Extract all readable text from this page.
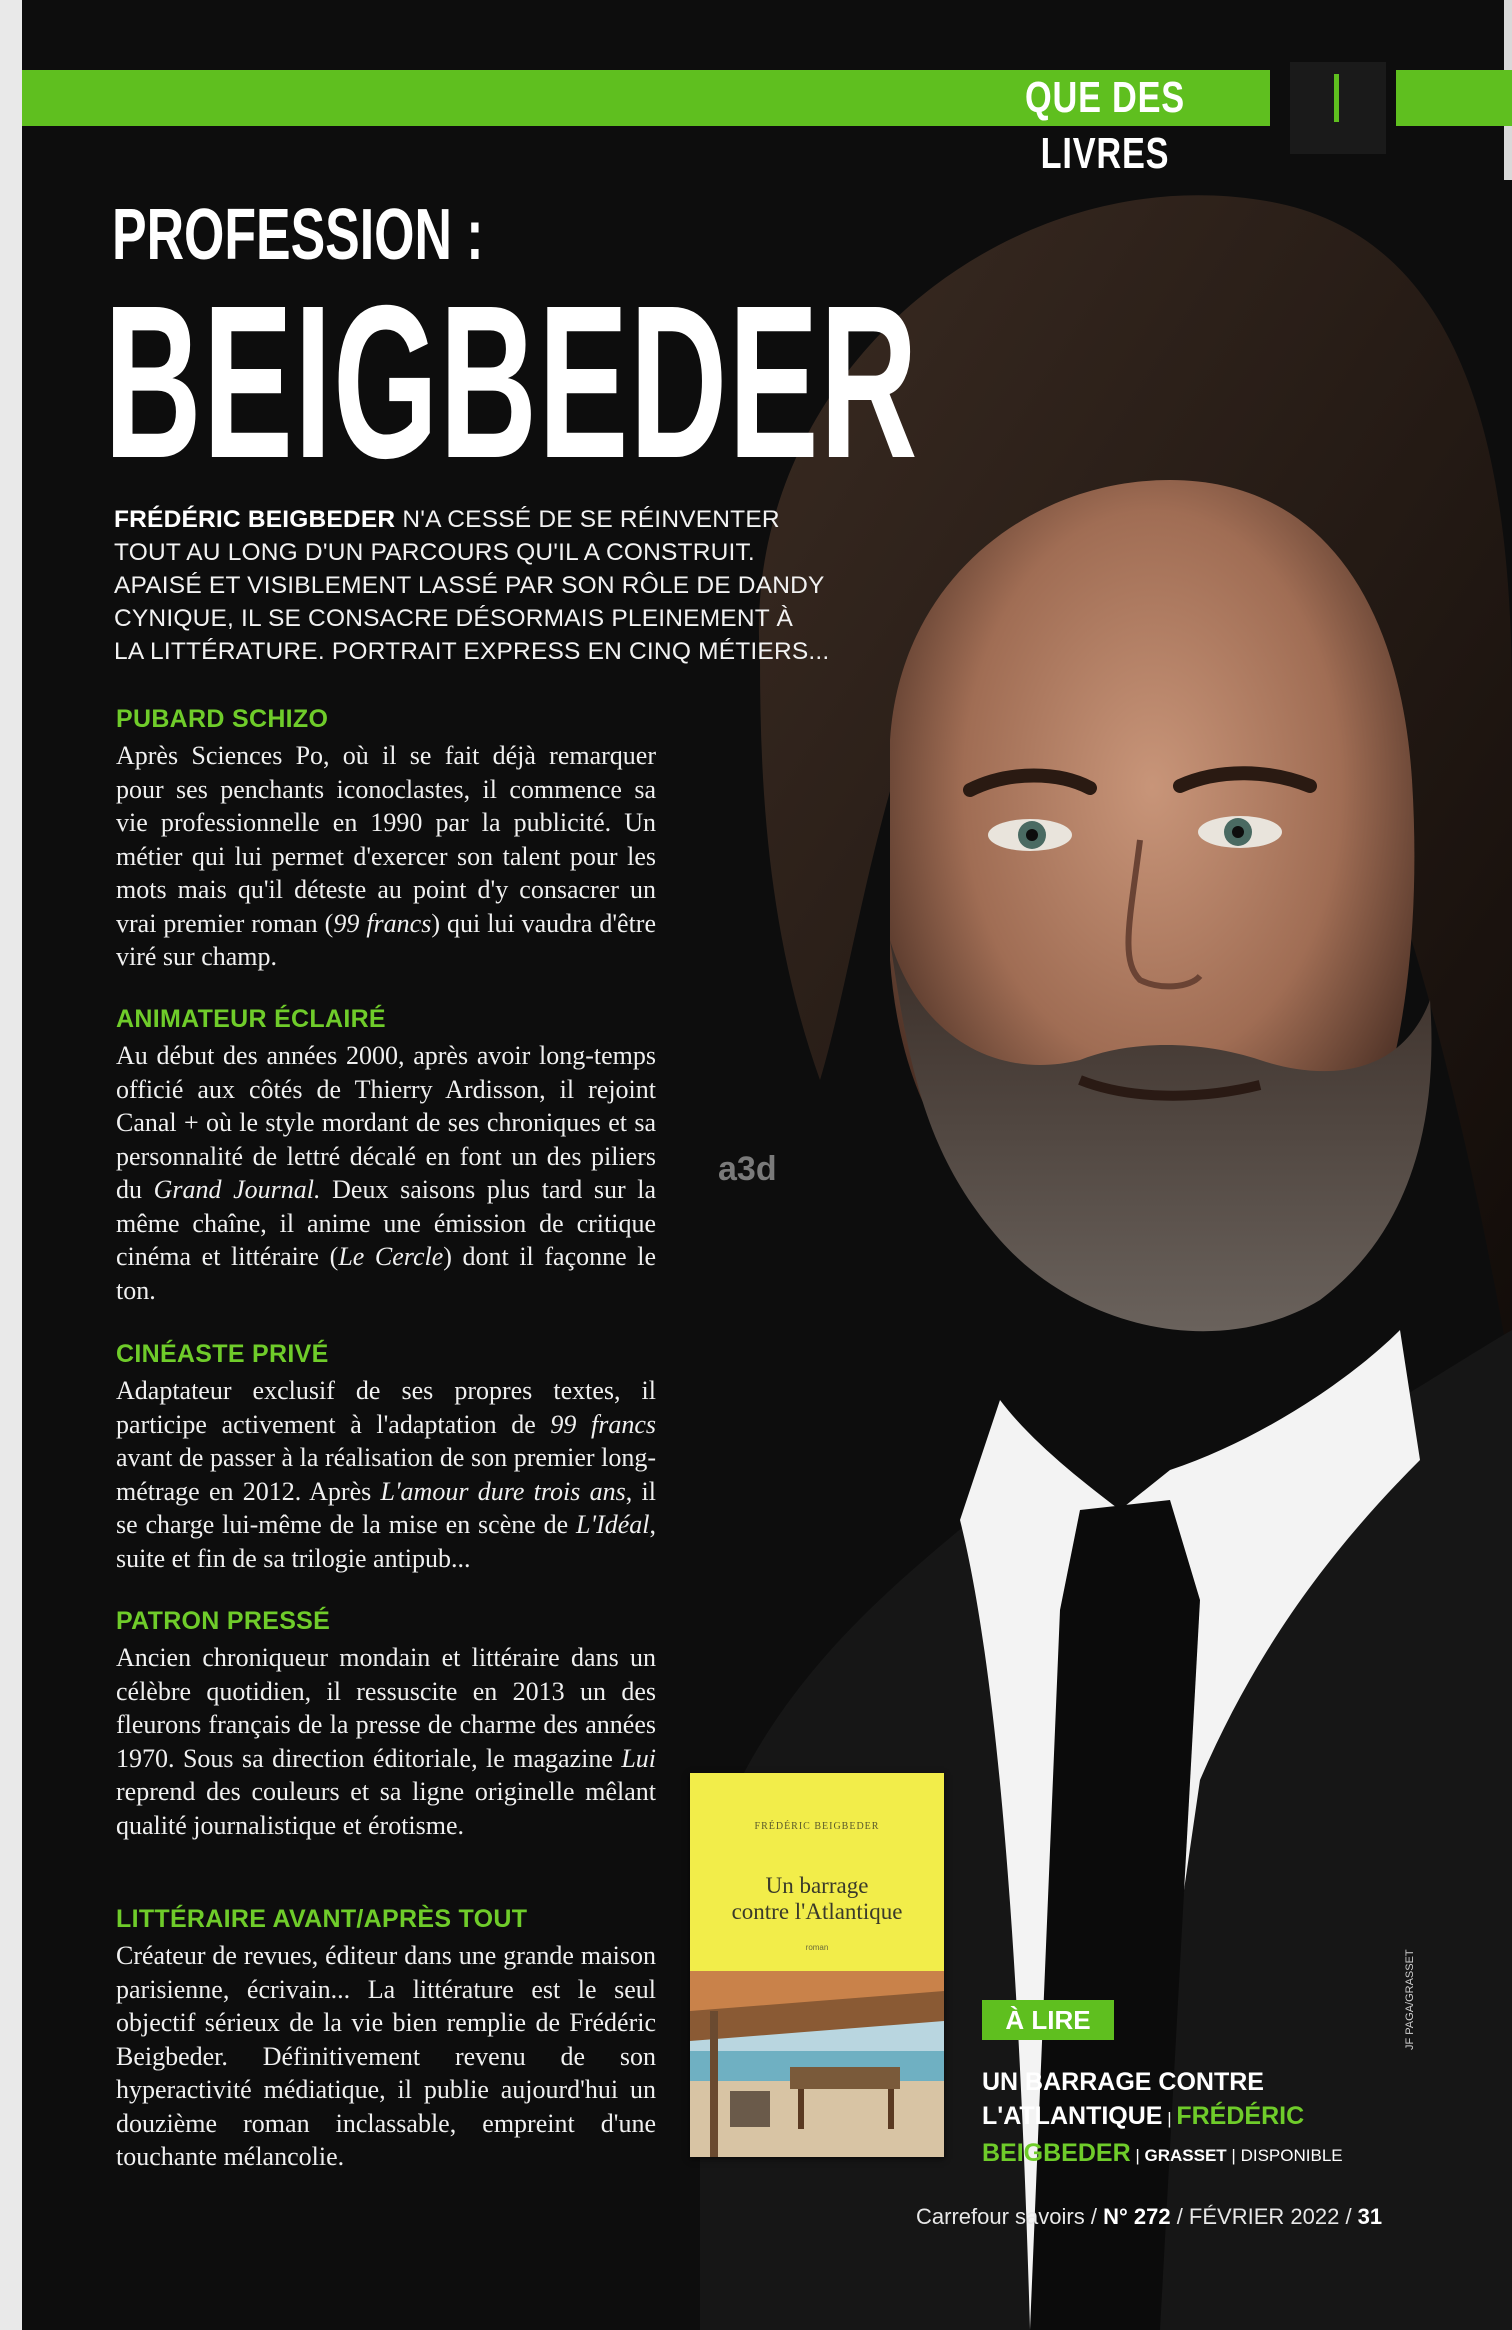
QUE DES LIVRES
PROFESSION :
BEIGBEDER
FRÉDÉRIC BEIGBEDER N'A CESSÉ DE SE RÉINVENTER
TOUT AU LONG D'UN PARCOURS QU'IL A CONSTRUIT.
APAISÉ ET VISIBLEMENT LASSÉ PAR SON RÔLE DE DANDY
CYNIQUE, IL SE CONSACRE DÉSORMAIS PLEINEMENT À
LA LITTÉRATURE. PORTRAIT EXPRESS EN CINQ MÉTIERS...
PUBARD SCHIZO

Après Sciences Po, où il se fait déjà remarquer pour ses penchants iconoclastes, il commence sa vie professionnelle en 1990 par la publicité. Un métier qui lui permet d'exercer son talent pour les mots mais qu'il déteste au point d'y consacrer un vrai premier roman (99 francs) qui lui vaudra d'être viré sur champ.

ANIMATEUR ÉCLAIRÉ

Au début des années 2000, après avoir long-temps officié aux côtés de Thierry Ardisson, il rejoint Canal + où le style mordant de ses chroniques et sa personnalité de lettré décalé en font un des piliers du Grand Journal. Deux saisons plus tard sur la même chaîne, il anime une émission de critique cinéma et littéraire (Le Cercle) dont il façonne le ton.

CINÉASTE PRIVÉ

Adaptateur exclusif de ses propres textes, il participe activement à l'adaptation de 99 francs avant de passer à la réalisation de son premier long-métrage en 2012. Après L'amour dure trois ans, il se charge lui-même de la mise en scène de L'Idéal, suite et fin de sa trilogie antipub...

PATRON PRESSÉ

Ancien chroniqueur mondain et littéraire dans un célèbre quotidien, il ressuscite en 2013 un des fleurons français de la presse de charme des années 1970. Sous sa direction éditoriale, le magazine Lui reprend des couleurs et sa ligne originelle mêlant qualité journalistique et érotisme.

LITTÉRAIRE AVANT/APRÈS TOUT

Créateur de revues, éditeur dans une grande maison parisienne, écrivain... La littérature est le seul objectif sérieux de la vie bien remplie de Frédéric Beigbeder. Définitivement revenu de son hyperactivité médiatique, il publie aujourd'hui un douzième roman inclassable, empreint d'une touchante mélancolie.

a3d
FRÉDÉRIC BEIGBEDER
Un barrage
contre l'Atlantique
roman
À LIRE
UN BARRAGE CONTRE
L'ATLANTIQUE | FRÉDÉRIC
BEIGBEDER | GRASSET | DISPONIBLE
JF PAGA/GRASSET
Carrefour savoirs / N° 272 / FÉVRIER 2022 / 31
